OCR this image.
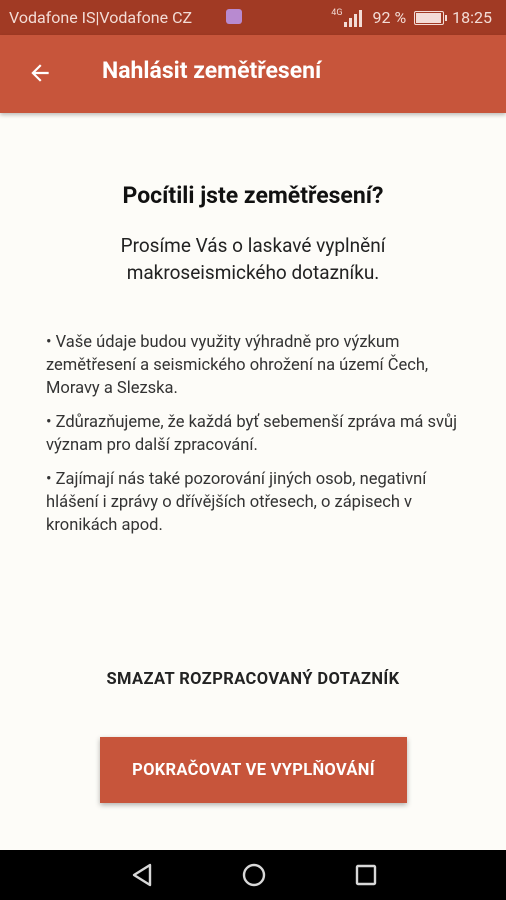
Vodafone IS|Vodafone CZ	4G 92 %	18:25
Nahlásit zemětřesení
Pocítili jste zemětřesení?
Prosíme Vás o laskavé vyplnění makroseismického dotazníku.

• Vaše údaje budou využity výhradně pro výzkum zemětřesení a seismického ohrožení na území Čech, Moravy a Slezska.

• Zdůrazňujeme, že každá byť sebemenší zpráva má svůj význam pro další zpracování.

• Zajímají nás také pozorování jiných osob, negativní hlášení i zprávy o dřívějších otřesech, o zápisech v kronikách apod.

SMAZAT ROZPRACOVANÝ DOTAZNÍK
POKRAČOVAT VE VYPLŇOVÁNÍ
